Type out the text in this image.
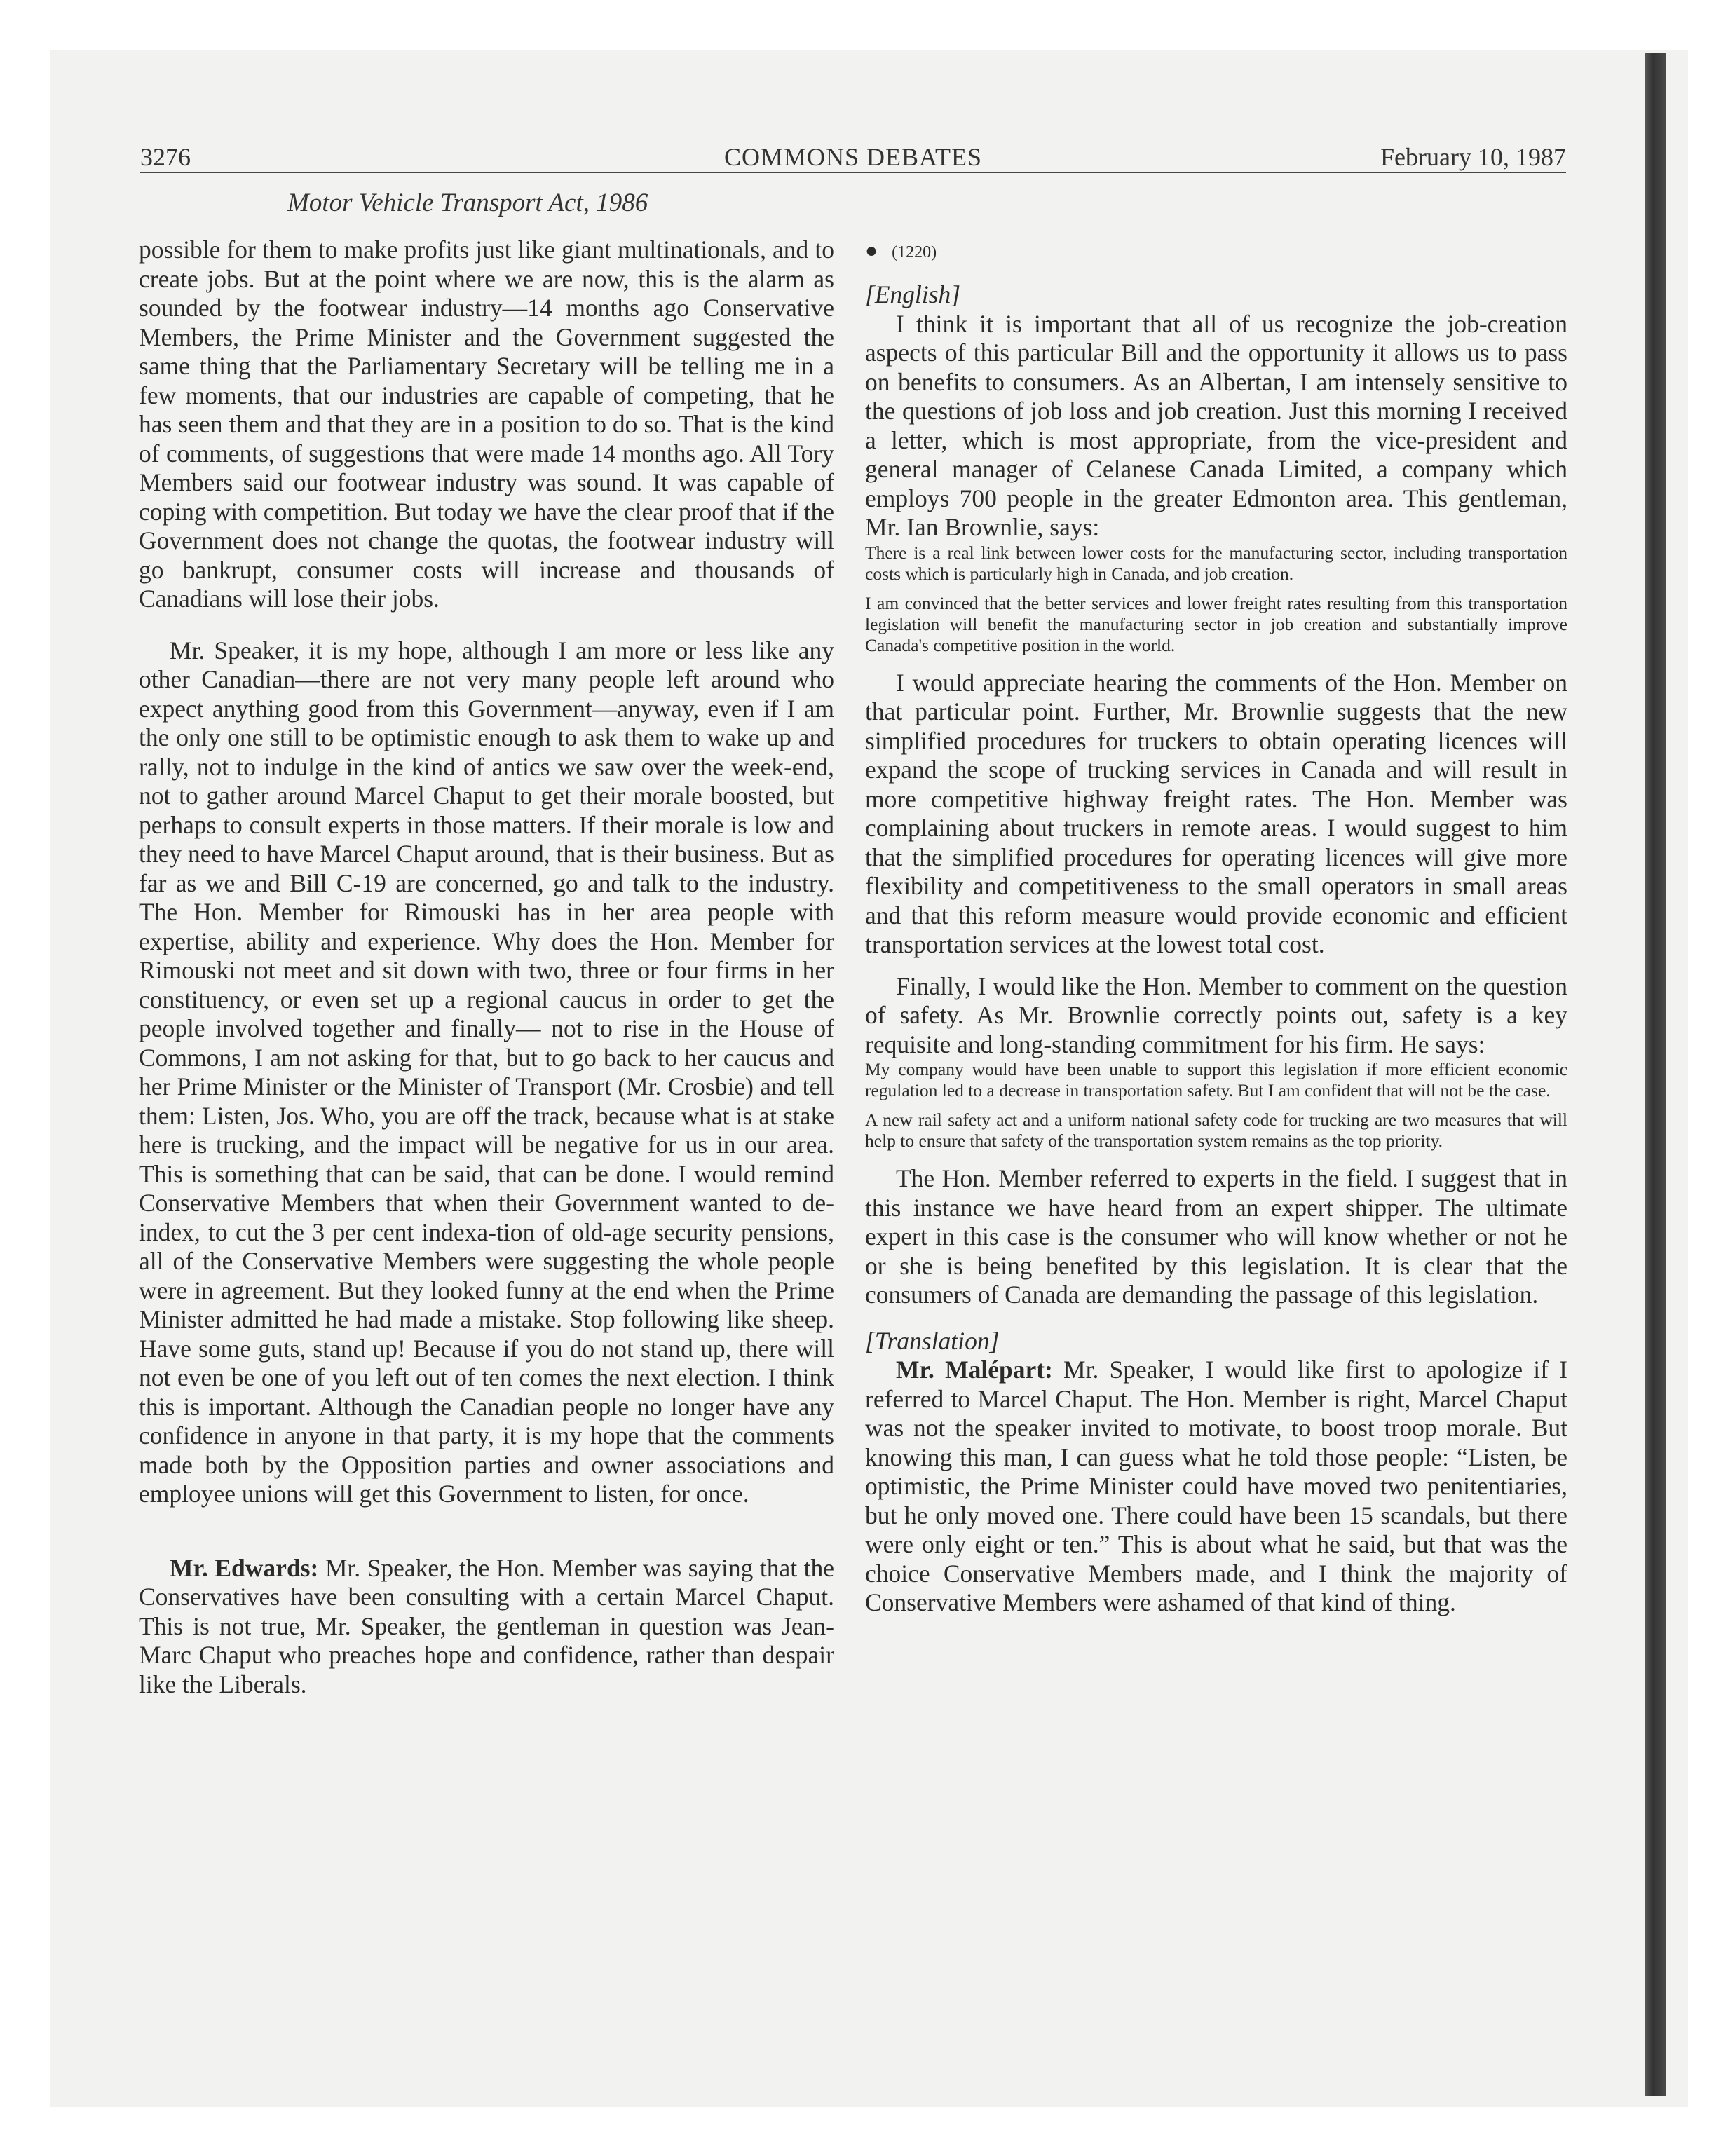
3276	COMMONS DEBATES	February 10, 1987
Motor Vehicle Transport Act, 1986

possible for them to make profits just like giant multinationals, and to create jobs. But at the point where we are now, this is the alarm as sounded by the footwear industry—14 months ago Conservative Members, the Prime Minister and the Government suggested the same thing that the Parliamentary Secretary will be telling me in a few moments, that our industries are capable of competing, that he has seen them and that they are in a position to do so. That is the kind of comments, of suggestions that were made 14 months ago. All Tory Members said our footwear industry was sound. It was capable of coping with competition. But today we have the clear proof that if the Government does not change the quotas, the footwear industry will go bankrupt, consumer costs will increase and thousands of Canadians will lose their jobs.

Mr. Speaker, it is my hope, although I am more or less like any other Canadian—there are not very many people left around who expect anything good from this Government—anyway, even if I am the only one still to be optimistic enough to ask them to wake up and rally, not to indulge in the kind of antics we saw over the week-end, not to gather around Marcel Chaput to get their morale boosted, but perhaps to consult experts in those matters. If their morale is low and they need to have Marcel Chaput around, that is their business. But as far as we and Bill C-19 are concerned, go and talk to the industry. The Hon. Member for Rimouski has in her area people with expertise, ability and experience. Why does the Hon. Member for Rimouski not meet and sit down with two, three or four firms in her constituency, or even set up a regional caucus in order to get the people involved together and finally— not to rise in the House of Commons, I am not asking for that, but to go back to her caucus and her Prime Minister or the Minister of Transport (Mr. Crosbie) and tell them: Listen, Jos. Who, you are off the track, because what is at stake here is trucking, and the impact will be negative for us in our area. This is something that can be said, that can be done. I would remind Conservative Members that when their Government wanted to de-index, to cut the 3 per cent indexa-tion of old-age security pensions, all of the Conservative Members were suggesting the whole people were in agreement. But they looked funny at the end when the Prime Minister admitted he had made a mistake. Stop following like sheep. Have some guts, stand up! Because if you do not stand up, there will not even be one of you left out of ten comes the next election. I think this is important. Although the Canadian people no longer have any confidence in anyone in that party, it is my hope that the comments made both by the Opposition parties and owner associations and employee unions will get this Government to listen, for once.

Mr. Edwards: Mr. Speaker, the Hon. Member was saying that the Conservatives have been consulting with a certain Marcel Chaput. This is not true, Mr. Speaker, the gentleman in question was Jean-Marc Chaput who preaches hope and confidence, rather than despair like the Liberals.

● (1220)

[English]

I think it is important that all of us recognize the job-creation aspects of this particular Bill and the opportunity it allows us to pass on benefits to consumers. As an Albertan, I am intensely sensitive to the questions of job loss and job creation. Just this morning I received a letter, which is most appropriate, from the vice-president and general manager of Celanese Canada Limited, a company which employs 700 people in the greater Edmonton area. This gentleman, Mr. Ian Brownlie, says:

There is a real link between lower costs for the manufacturing sector, including transportation costs which is particularly high in Canada, and job creation.

I am convinced that the better services and lower freight rates resulting from this transportation legislation will benefit the manufacturing sector in job creation and substantially improve Canada's competitive position in the world.

I would appreciate hearing the comments of the Hon. Member on that particular point. Further, Mr. Brownlie suggests that the new simplified procedures for truckers to obtain operating licences will expand the scope of trucking services in Canada and will result in more competitive highway freight rates. The Hon. Member was complaining about truckers in remote areas. I would suggest to him that the simplified procedures for operating licences will give more flexibility and competitiveness to the small operators in small areas and that this reform measure would provide economic and efficient transportation services at the lowest total cost.

Finally, I would like the Hon. Member to comment on the question of safety. As Mr. Brownlie correctly points out, safety is a key requisite and long-standing commitment for his firm. He says:

My company would have been unable to support this legislation if more efficient economic regulation led to a decrease in transportation safety. But I am confident that will not be the case.

A new rail safety act and a uniform national safety code for trucking are two measures that will help to ensure that safety of the transportation system remains as the top priority.

The Hon. Member referred to experts in the field. I suggest that in this instance we have heard from an expert shipper. The ultimate expert in this case is the consumer who will know whether or not he or she is being benefited by this legislation. It is clear that the consumers of Canada are demanding the passage of this legislation.

[Translation]

Mr. Malépart: Mr. Speaker, I would like first to apologize if I referred to Marcel Chaput. The Hon. Member is right, Marcel Chaput was not the speaker invited to motivate, to boost troop morale. But knowing this man, I can guess what he told those people: “Listen, be optimistic, the Prime Minister could have moved two penitentiaries, but he only moved one. There could have been 15 scandals, but there were only eight or ten.” This is about what he said, but that was the choice Conservative Members made, and I think the majority of Conservative Members were ashamed of that kind of thing.
